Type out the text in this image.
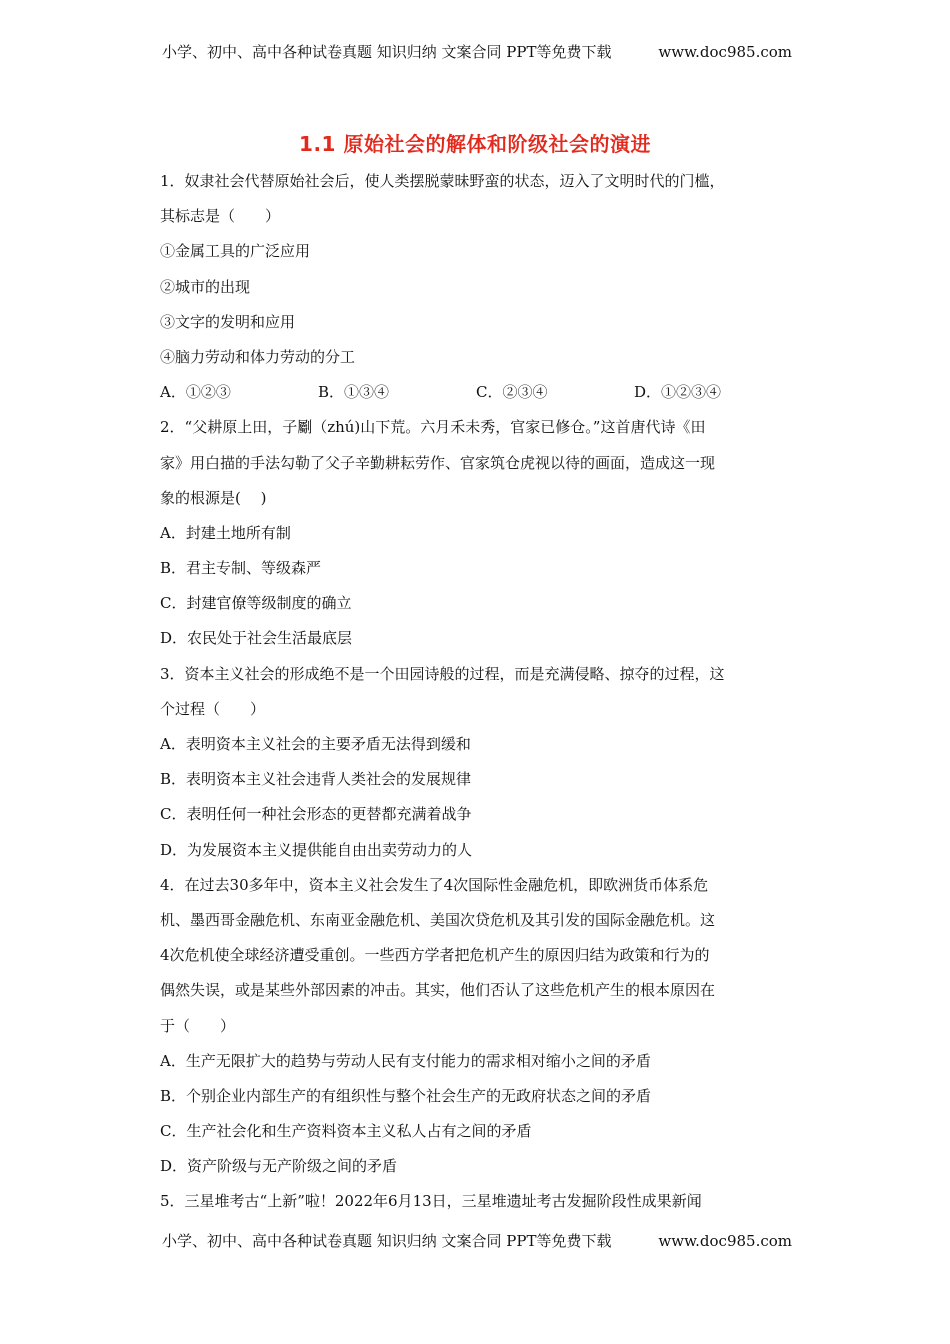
小学、初中、高中各种试卷真题 知识归纳 文案合同 PPT等免费下载	www.doc985.com
1.1 原始社会的解体和阶级社会的演进
1．奴隶社会代替原始社会后，使人类摆脱蒙昧野蛮的状态，迈入了文明时代的门槛，
其标志是（　　）
①金属工具的广泛应用
②城市的出现
③文字的发明和应用
④脑力劳动和体力劳动的分工
A．①②③	B．①③④	C．②③④	D．①②③④
2．“父耕原上田，子劚（zhú)山下荒。六月禾未秀，官家已修仓。”这首唐代诗《田
家》用白描的手法勾勒了父子辛勤耕耘劳作、官家筑仓虎视以待的画面，造成这一现
象的根源是(　 )
A．封建土地所有制
B．君主专制、等级森严
C．封建官僚等级制度的确立
D．农民处于社会生活最底层
3．资本主义社会的形成绝不是一个田园诗般的过程，而是充满侵略、掠夺的过程，这
个过程（　　）
A．表明资本主义社会的主要矛盾无法得到缓和
B．表明资本主义社会违背人类社会的发展规律
C．表明任何一种社会形态的更替都充满着战争
D．为发展资本主义提供能自由出卖劳动力的人
4．在过去30多年中，资本主义社会发生了4次国际性金融危机，即欧洲货币体系危
机、墨西哥金融危机、东南亚金融危机、美国次贷危机及其引发的国际金融危机。这
4次危机使全球经济遭受重创。一些西方学者把危机产生的原因归结为政策和行为的
偶然失误，或是某些外部因素的冲击。其实，他们否认了这些危机产生的根本原因在
于（　　）
A．生产无限扩大的趋势与劳动人民有支付能力的需求相对缩小之间的矛盾
B．个别企业内部生产的有组织性与整个社会生产的无政府状态之间的矛盾
C．生产社会化和生产资料资本主义私人占有之间的矛盾
D．资产阶级与无产阶级之间的矛盾
5．三星堆考古“上新”啦！2022年6月13日，三星堆遗址考古发掘阶段性成果新闻
小学、初中、高中各种试卷真题 知识归纳 文案合同 PPT等免费下载	www.doc985.com
